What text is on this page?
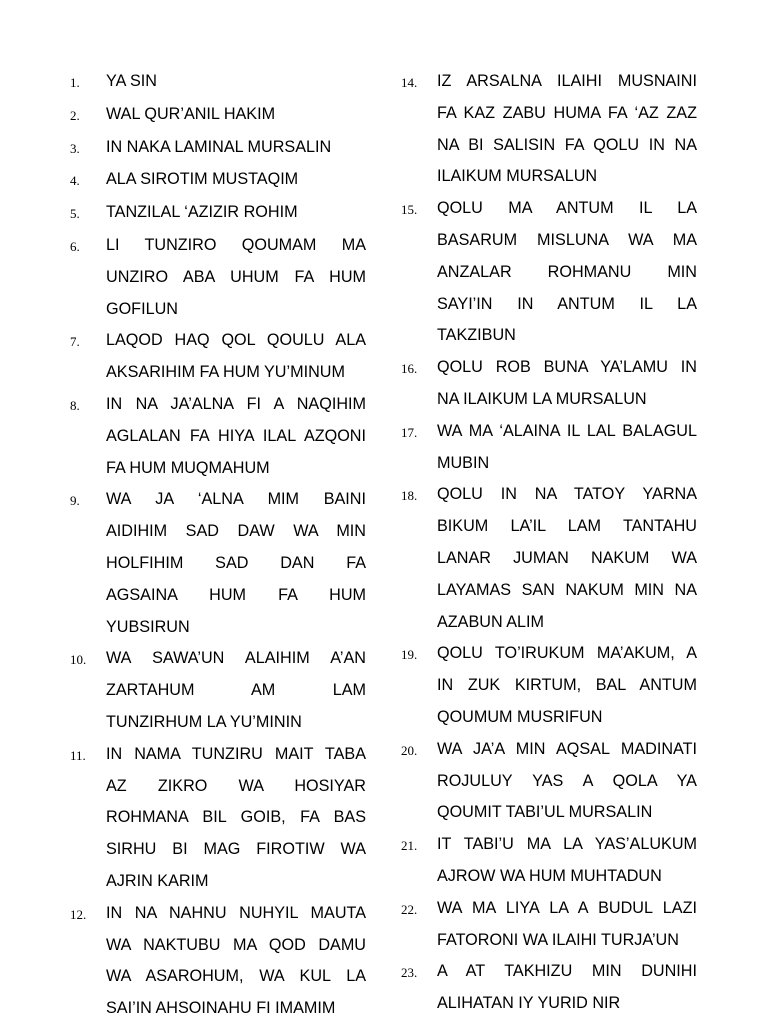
1.	YA SIN
2.	WAL QUR’ANIL HAKIM
3.	IN NAKA LAMINAL MURSALIN
4.	ALA SIROTIM MUSTAQIM
5.	TANZILAL ‘AZIZIR ROHIM
6.	LI TUNZIRO QOUMAM MA
UNZIRO ABA UHUM FA HUM
GOFILUN
7.	LAQOD HAQ QOL QOULU ALA
AKSARIHIM FA HUM YU’MINUM
8.	IN NA JA’ALNA FI A NAQIHIM
AGLALAN FA HIYA ILAL AZQONI
FA HUM MUQMAHUM
9.	WA JA ‘ALNA MIM BAINI
AIDIHIM SAD DAW WA MIN
HOLFIHIM SAD DAN FA
AGSAINA HUM FA HUM
YUBSIRUN
10.	WA SAWA’UN ALAIHIM A’AN
ZARTAHUM AM LAM
TUNZIRHUM LA YU’MININ
11.	IN NAMA TUNZIRU MAIT TABA
AZ ZIKRO WA HOSIYAR
ROHMANA BIL GOIB, FA BAS
SIRHU BI MAG FIROTIW WA
AJRIN KARIM
12.	IN NA NAHNU NUHYIL MAUTA
WA NAKTUBU MA QOD DAMU
WA ASAROHUM, WA KUL LA
SAI’IN AHSOINAHU FI IMAMIM
14.	IZ ARSALNA ILAIHI MUSNAINI
FA KAZ ZABU HUMA FA ‘AZ ZAZ
NA BI SALISIN FA QOLU IN NA
ILAIKUM MURSALUN
15.	QOLU MA ANTUM IL LA
BASARUM MISLUNA WA MA
ANZALAR ROHMANU MIN
SAYI’IN IN ANTUM IL LA
TAKZIBUN
16.	QOLU ROB BUNA YA’LAMU IN
NA ILAIKUM LA MURSALUN
17.	WA MA ‘ALAINA IL LAL BALAGUL
MUBIN
18.	QOLU IN NA TATOY YARNA
BIKUM LA’IL LAM TANTAHU
LANAR JUMAN NAKUM WA
LAYAMAS SAN NAKUM MIN NA
AZABUN ALIM
19.	QOLU TO’IRUKUM MA’AKUM, A
IN ZUK KIRTUM, BAL ANTUM
QOUMUM MUSRIFUN
20.	WA JA’A MIN AQSAL MADINATI
ROJULUY YAS A QOLA YA
QOUMIT TABI’UL MURSALIN
21.	IT TABI’U MA LA YAS’ALUKUM
AJROW WA HUM MUHTADUN
22.	WA MA LIYA LA A BUDUL LAZI
FATORONI WA ILAIHI TURJA’UN
23.	A AT TAKHIZU MIN DUNIHI
ALIHATAN IY YURID NIR
